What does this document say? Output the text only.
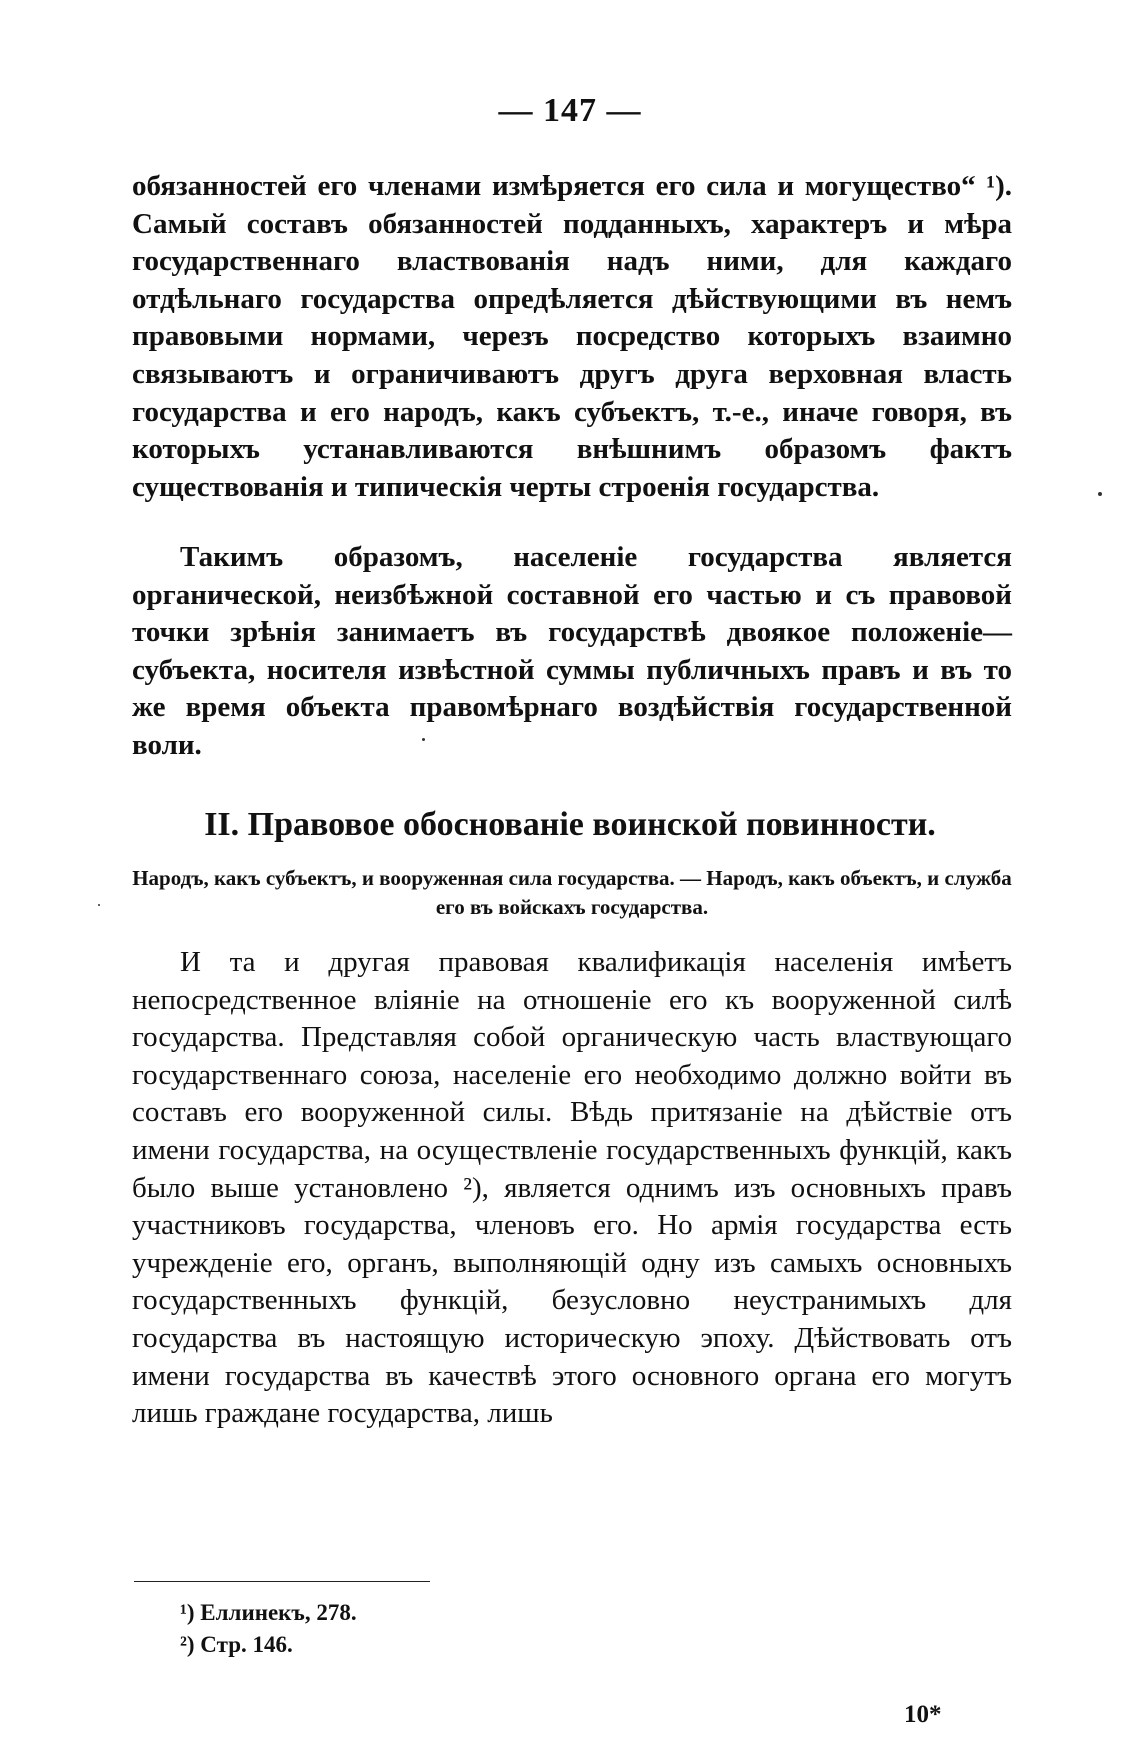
— 147 —

обязанностей его членами измѣряется его сила и могущество“ ¹). Самый составъ обязанностей подданныхъ, характеръ и мѣра государственнаго властвованія надъ ними, для каждаго отдѣльнаго государства опредѣляется дѣйствующими въ немъ правовыми нормами, черезъ посредство которыхъ взаимно связываютъ и ограничиваютъ другъ друга верховная власть государства и его народъ, какъ субъектъ, т.-е., иначе говоря, въ которыхъ устанавливаются внѣшнимъ образомъ фактъ существованія и типическія черты строенія государства.

Такимъ образомъ, населеніе государства является органической, неизбѣжной составной его частью и съ правовой точки зрѣнія занимаетъ въ государствѣ двоякое положеніе—субъекта, носителя извѣстной суммы публичныхъ правъ и въ то же время объекта правомѣрнаго воздѣйствія государственной воли.

II. Правовое обоснованіе воинской повинности.
Народъ, какъ субъектъ, и вооруженная сила государства. — Народъ, какъ объектъ, и служба его въ войскахъ государства.

И та и другая правовая квалификація населенія имѣетъ непосредственное вліяніе на отношеніе его къ вооруженной силѣ государства. Представляя собой органическую часть властвующаго государственнаго союза, населеніе его необходимо должно войти въ составъ его вооруженной силы. Вѣдь притязаніе на дѣйствіе отъ имени государства, на осуществленіе государственныхъ функцій, какъ было выше установлено ²), является однимъ изъ основныхъ правъ участниковъ государства, членовъ его. Но армія государства есть учрежденіе его, органъ, выполняющій одну изъ самыхъ основныхъ государственныхъ функцій, безусловно неустранимыхъ для государства въ настоящую историческую эпоху. Дѣйствовать отъ имени государства въ качествѣ этого основного органа его могутъ лишь граждане государства, лишь

¹) Еллинекъ, 278.
²) Стр. 146.
10*
